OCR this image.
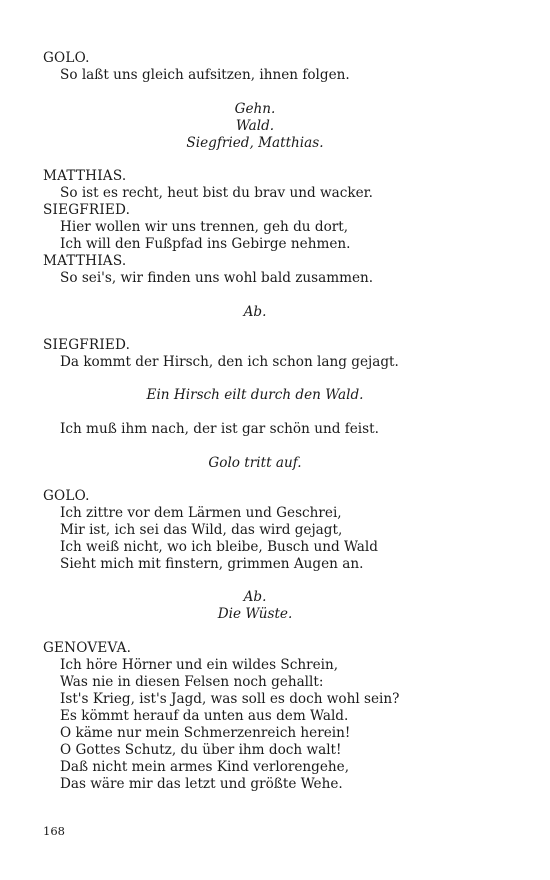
GOLO.
So laßt uns gleich aufsitzen, ihnen folgen.
Gehn.
Wald.
Siegfried, Matthias.
MATTHIAS.
So ist es recht, heut bist du brav und wacker.
SIEGFRIED.
Hier wollen wir uns trennen, geh du dort,
Ich will den Fußpfad ins Gebirge nehmen.
MATTHIAS.
So sei's, wir finden uns wohl bald zusammen.
Ab.
SIEGFRIED.
Da kommt der Hirsch, den ich schon lang gejagt.
Ein Hirsch eilt durch den Wald.
Ich muß ihm nach, der ist gar schön und feist.
Golo tritt auf.
GOLO.
Ich zittre vor dem Lärmen und Geschrei,
Mir ist, ich sei das Wild, das wird gejagt,
Ich weiß nicht, wo ich bleibe, Busch und Wald
Sieht mich mit finstern, grimmen Augen an.
Ab.
Die Wüste.
GENOVEVA.
Ich höre Hörner und ein wildes Schrein,
Was nie in diesen Felsen noch gehallt:
Ist's Krieg, ist's Jagd, was soll es doch wohl sein?
Es kömmt herauf da unten aus dem Wald.
O käme nur mein Schmerzenreich herein!
O Gottes Schutz, du über ihm doch walt!
Daß nicht mein armes Kind verlorengehe,
Das wäre mir das letzt und größte Wehe.
168
